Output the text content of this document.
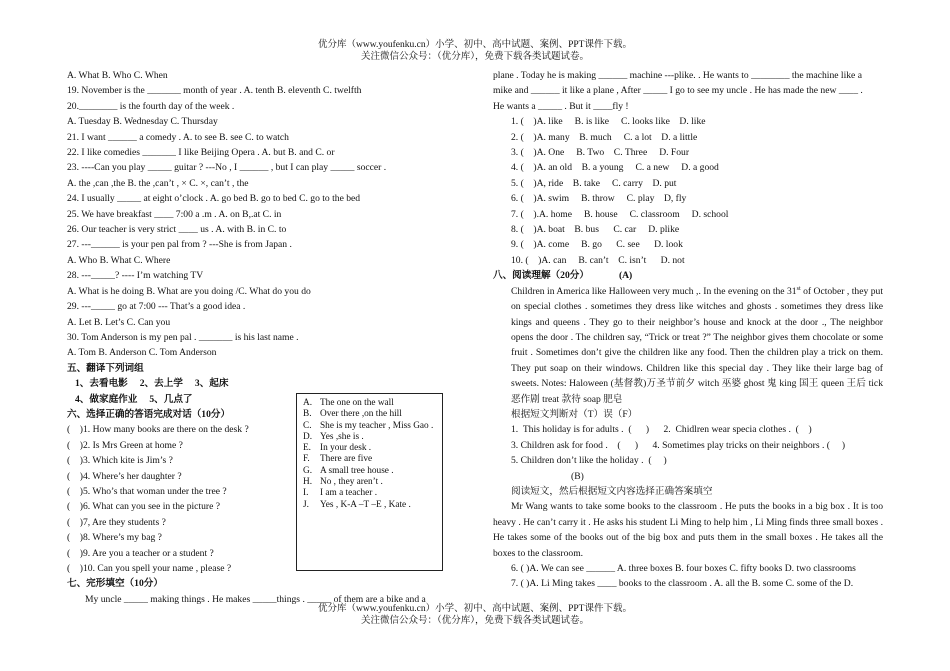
优分库（www.youfenku.cn）小学、初中、高中试题、案例、PPT课件下载。
关注微信公众号：（优分库），免费下载各类试题试卷。
A. What B. Who C. When
19. November is the _______ month of year . A. tenth B. eleventh C. twelfth
20.________ is the fourth day of the week .
A. Tuesday B. Wednesday C. Thursday
21. I want ______ a comedy . A. to see B. see C. to watch
22. I like comedies _______ I like Beijing Opera . A. but B. and C. or
23. ----Can you play _____ guitar ? ---No , I ______ , but I can play _____ soccer .
A. the ,can ,the B. the ,can’t , × C. ×, can’t , the
24. I usually _____ at eight o’clock . A. go bed B. go to bed C. go to the bed
25. We have breakfast ____ 7:00 a .m . A. on B,.at C. in
26. Our teacher is very strict ____ us . A. with B. in C. to
27. ---______ is your pen pal from ? ---She is from Japan .
A. Who B. What C. Where
28. ---_____? ---- I’m watching TV
A. What is he doing B. What are you doing /C. What do you do
29. ---_____ go at 7:00 --- That’s a good idea .
A. Let B. Let’s C. Can you
30. Tom Anderson is my pen pal . _______ is his last name .
A. Tom B. Anderson C. Tom Anderson
五、翻译下列词组
1、去看电影     2、去上学     3、起床
4、做家庭作业     5、几点了
六、选择正确的答语完成对话（10分）
(    )1. How many books are there on the desk ?
(    )2. Is Mrs Green at home ?
(    )3. Which kite is Jim’s ?
(    )4. Where’s her daughter ?
(    )5. Who’s that woman under the tree ?
(    )6. What can you see in the picture ?
(    )7, Are they students ?
(    )8. Where’s my bag ?
(    )9. Are you a teacher or a student ?
(    )10. Can you spell your name , please ?
七、完形填空（10分）
My uncle _____ making things . He makes _____things . _____ of them are a bike and a
A. The one on the wall
B. Over there ,on the hill
C. She is my teacher , Miss Gao .
D. Yes ,she is .
E. In your desk .
F.	There are five
G. A small tree house .
H. No , they aren’t .
I.	I am a teacher .
J.	Yes , K-A –T –E , Kate .
plane . Today he is making ______ machine ---plike. . He wants to ________ the machine like a
mike and ______ it like a plane , After _____ I go to see my uncle . He has made the new ____ .
He wants a _____ . But it ____fly !
1. (    )A. like     B. is like     C. looks like    D. like
2. (    )A. many    B. much     C. a lot    D. a little
3. (    )A. One     B. Two    C. Three     D. Four
4. (    )A. an old    B. a young     C. a new     D. a good
5. (    )A, ride    B. take     C. carry    D. put
6. (    )A. swim     B. throw     C. play    D, fly
7. (    ).A. home     B. house     C. classroom     D. school
8. (    )A. boat    B. bus      C. car     D. plike
9. (    )A. come     B. go      C. see      D. look
10. (    )A. can     B. can’t    C. isn’t      D. not
八、阅读理解（20分）	(A)
Children in America like Halloween very much ,. In the evening on the 31st of October , they put on special clothes . sometimes they dress like witches and ghosts . sometimes they dress like kings and queens . They go to their neighbor’s house and knock at the door ., The neighbor opens the door . The children say, “Trick or treat ?” The neighbor gives them chocolate or some fruit . Sometimes don’t give the children like any food. Then the children play a trick on them. They put soap on their windows. Children like this special day . They like their large bag of sweets. Notes: Haloween (基督教)万圣节前夕 witch 巫婆 ghost 鬼 king 国王 queen 王后 tick 恶作剧 treat 款待 soap 肥皂
根据短文判断对（T）误（F）
1.  This holiday is for adults .  (      )      2.  Chidlren wear specia clothes .  (    )
3. Children ask for food .    (      )      4. Sometimes play tricks on their neighbors . (     )
5. Children don’t like the holiday .  (     )
(B)
阅读短文，然后根据短文内容选择正确答案填空
Mr Wang wants to take some books to the classroom . He puts the books in a big box . It is too heavy . He can’t carry it . He asks his student Li Ming to help him , Li Ming finds three small boxes . He takes some of the books out of the big box and puts them in the small boxes . He takes all the boxes to the classroom.
6. ( )A. We can see ______ A. three boxes B. four boxes C. fifty books D. two classrooms
7. ( )A. Li Ming takes ____ books to the classroom . A. all the B. some C. some of the D.
优分库（www.youfenku.cn）小学、初中、高中试题、案例、PPT课件下载。
关注微信公众号：（优分库），免费下载各类试题试卷。
